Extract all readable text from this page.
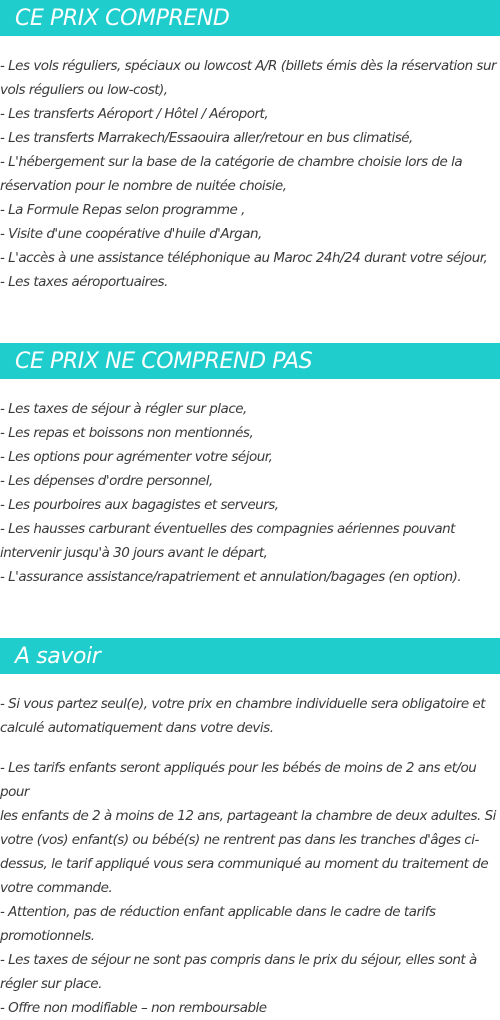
CE PRIX COMPREND
- Les vols réguliers, spéciaux ou lowcost A/R (billets émis dès la réservation sur
vols réguliers ou low-cost),
- Les transferts Aéroport / Hôtel / Aéroport,
- Les transferts Marrakech/Essaouira aller/retour en bus climatisé,
- L'hébergement sur la base de la catégorie de chambre choisie lors de la
réservation pour le nombre de nuitée choisie,
- La Formule Repas selon programme ,
- Visite d'une coopérative d'huile d'Argan,
- L'accès à une assistance téléphonique au Maroc 24h/24 durant votre séjour,
- Les taxes aéroportuaires.
CE PRIX NE COMPREND PAS
- Les taxes de séjour à régler sur place,
- Les repas et boissons non mentionnés,
- Les options pour agrémenter votre séjour,
- Les dépenses d'ordre personnel,
- Les pourboires aux bagagistes et serveurs,
- Les hausses carburant éventuelles des compagnies aériennes pouvant
intervenir jusqu'à 30 jours avant le départ,
- L'assurance assistance/rapatriement et annulation/bagages (en option).
A savoir
- Si vous partez seul(e), votre prix en chambre individuelle sera obligatoire et
calculé automatiquement dans votre devis.
- Les tarifs enfants seront appliqués pour les bébés de moins de 2 ans et/ou pour
les enfants de 2 à moins de 12 ans, partageant la chambre de deux adultes. Si
votre (vos) enfant(s) ou bébé(s) ne rentrent pas dans les tranches d'âges ci-
dessus, le tarif appliqué vous sera communiqué au moment du traitement de
votre commande.
- Attention, pas de réduction enfant applicable dans le cadre de tarifs
promotionnels.
- Les taxes de séjour ne sont pas compris dans le prix du séjour, elles sont à
régler sur place.
- Offre non modifiable – non remboursable
